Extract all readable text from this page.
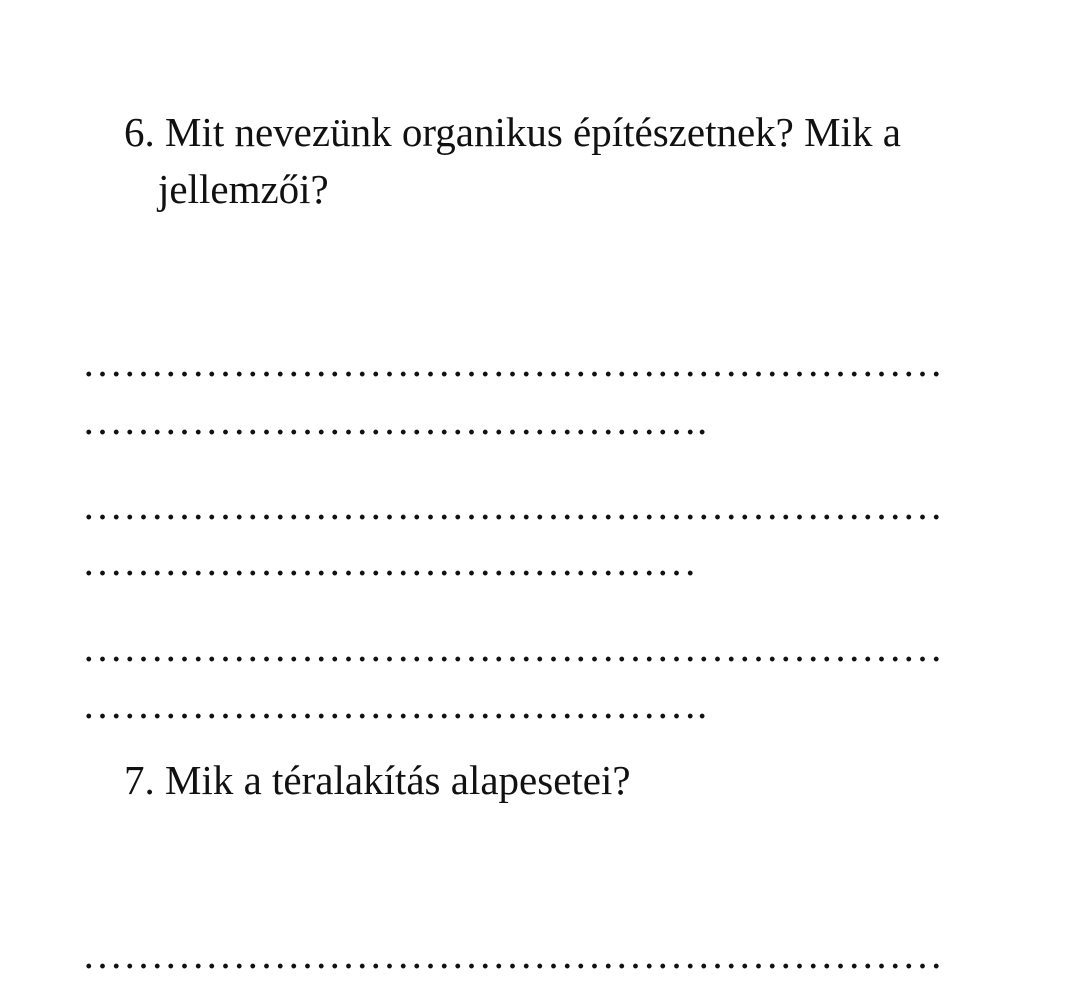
6. Mit nevezünk organikus építészetnek? Mik a
jellemzői?
………………………………………………………
……………………………………….
………………………………………………………
………………………………………
………………………………………………………
……………………………………….
7. Mik a téralakítás alapesetei?
………………………………………………………
